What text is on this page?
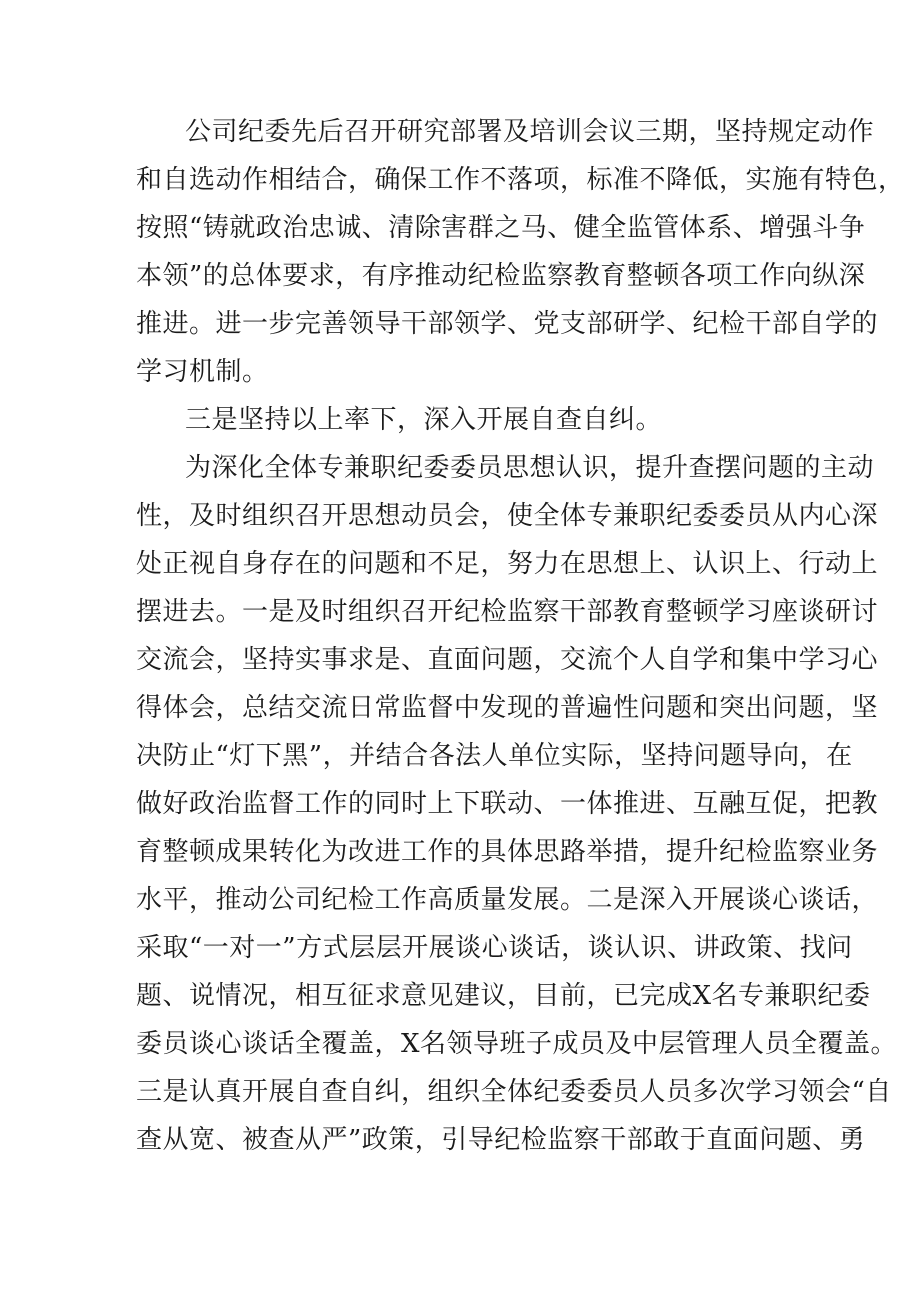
公司纪委先后召开研究部署及培训会议三期，坚持规定动作
和自选动作相结合，确保工作不落项，标准不降低，实施有特色，
按照“铸就政治忠诚、清除害群之马、健全监管体系、增强斗争
本领”的总体要求，有序推动纪检监察教育整顿各项工作向纵深
推进。进一步完善领导干部领学、党支部研学、纪检干部自学的
学习机制。
三是坚持以上率下，深入开展自查自纠。
为深化全体专兼职纪委委员思想认识，提升查摆问题的主动
性，及时组织召开思想动员会，使全体专兼职纪委委员从内心深
处正视自身存在的问题和不足，努力在思想上、认识上、行动上
摆进去。一是及时组织召开纪检监察干部教育整顿学习座谈研讨
交流会，坚持实事求是、直面问题，交流个人自学和集中学习心
得体会，总结交流日常监督中发现的普遍性问题和突出问题，坚
决防止“灯下黑”，并结合各法人单位实际，坚持问题导向，在
做好政治监督工作的同时上下联动、一体推进、互融互促，把教
育整顿成果转化为改进工作的具体思路举措，提升纪检监察业务
水平，推动公司纪检工作高质量发展。二是深入开展谈心谈话，
采取“一对一”方式层层开展谈心谈话，谈认识、讲政策、找问
题、说情况，相互征求意见建议，目前，已完成X名专兼职纪委
委员谈心谈话全覆盖，X名领导班子成员及中层管理人员全覆盖。
三是认真开展自查自纠，组织全体纪委委员人员多次学习领会“自
查从宽、被查从严”政策，引导纪检监察干部敢于直面问题、勇
